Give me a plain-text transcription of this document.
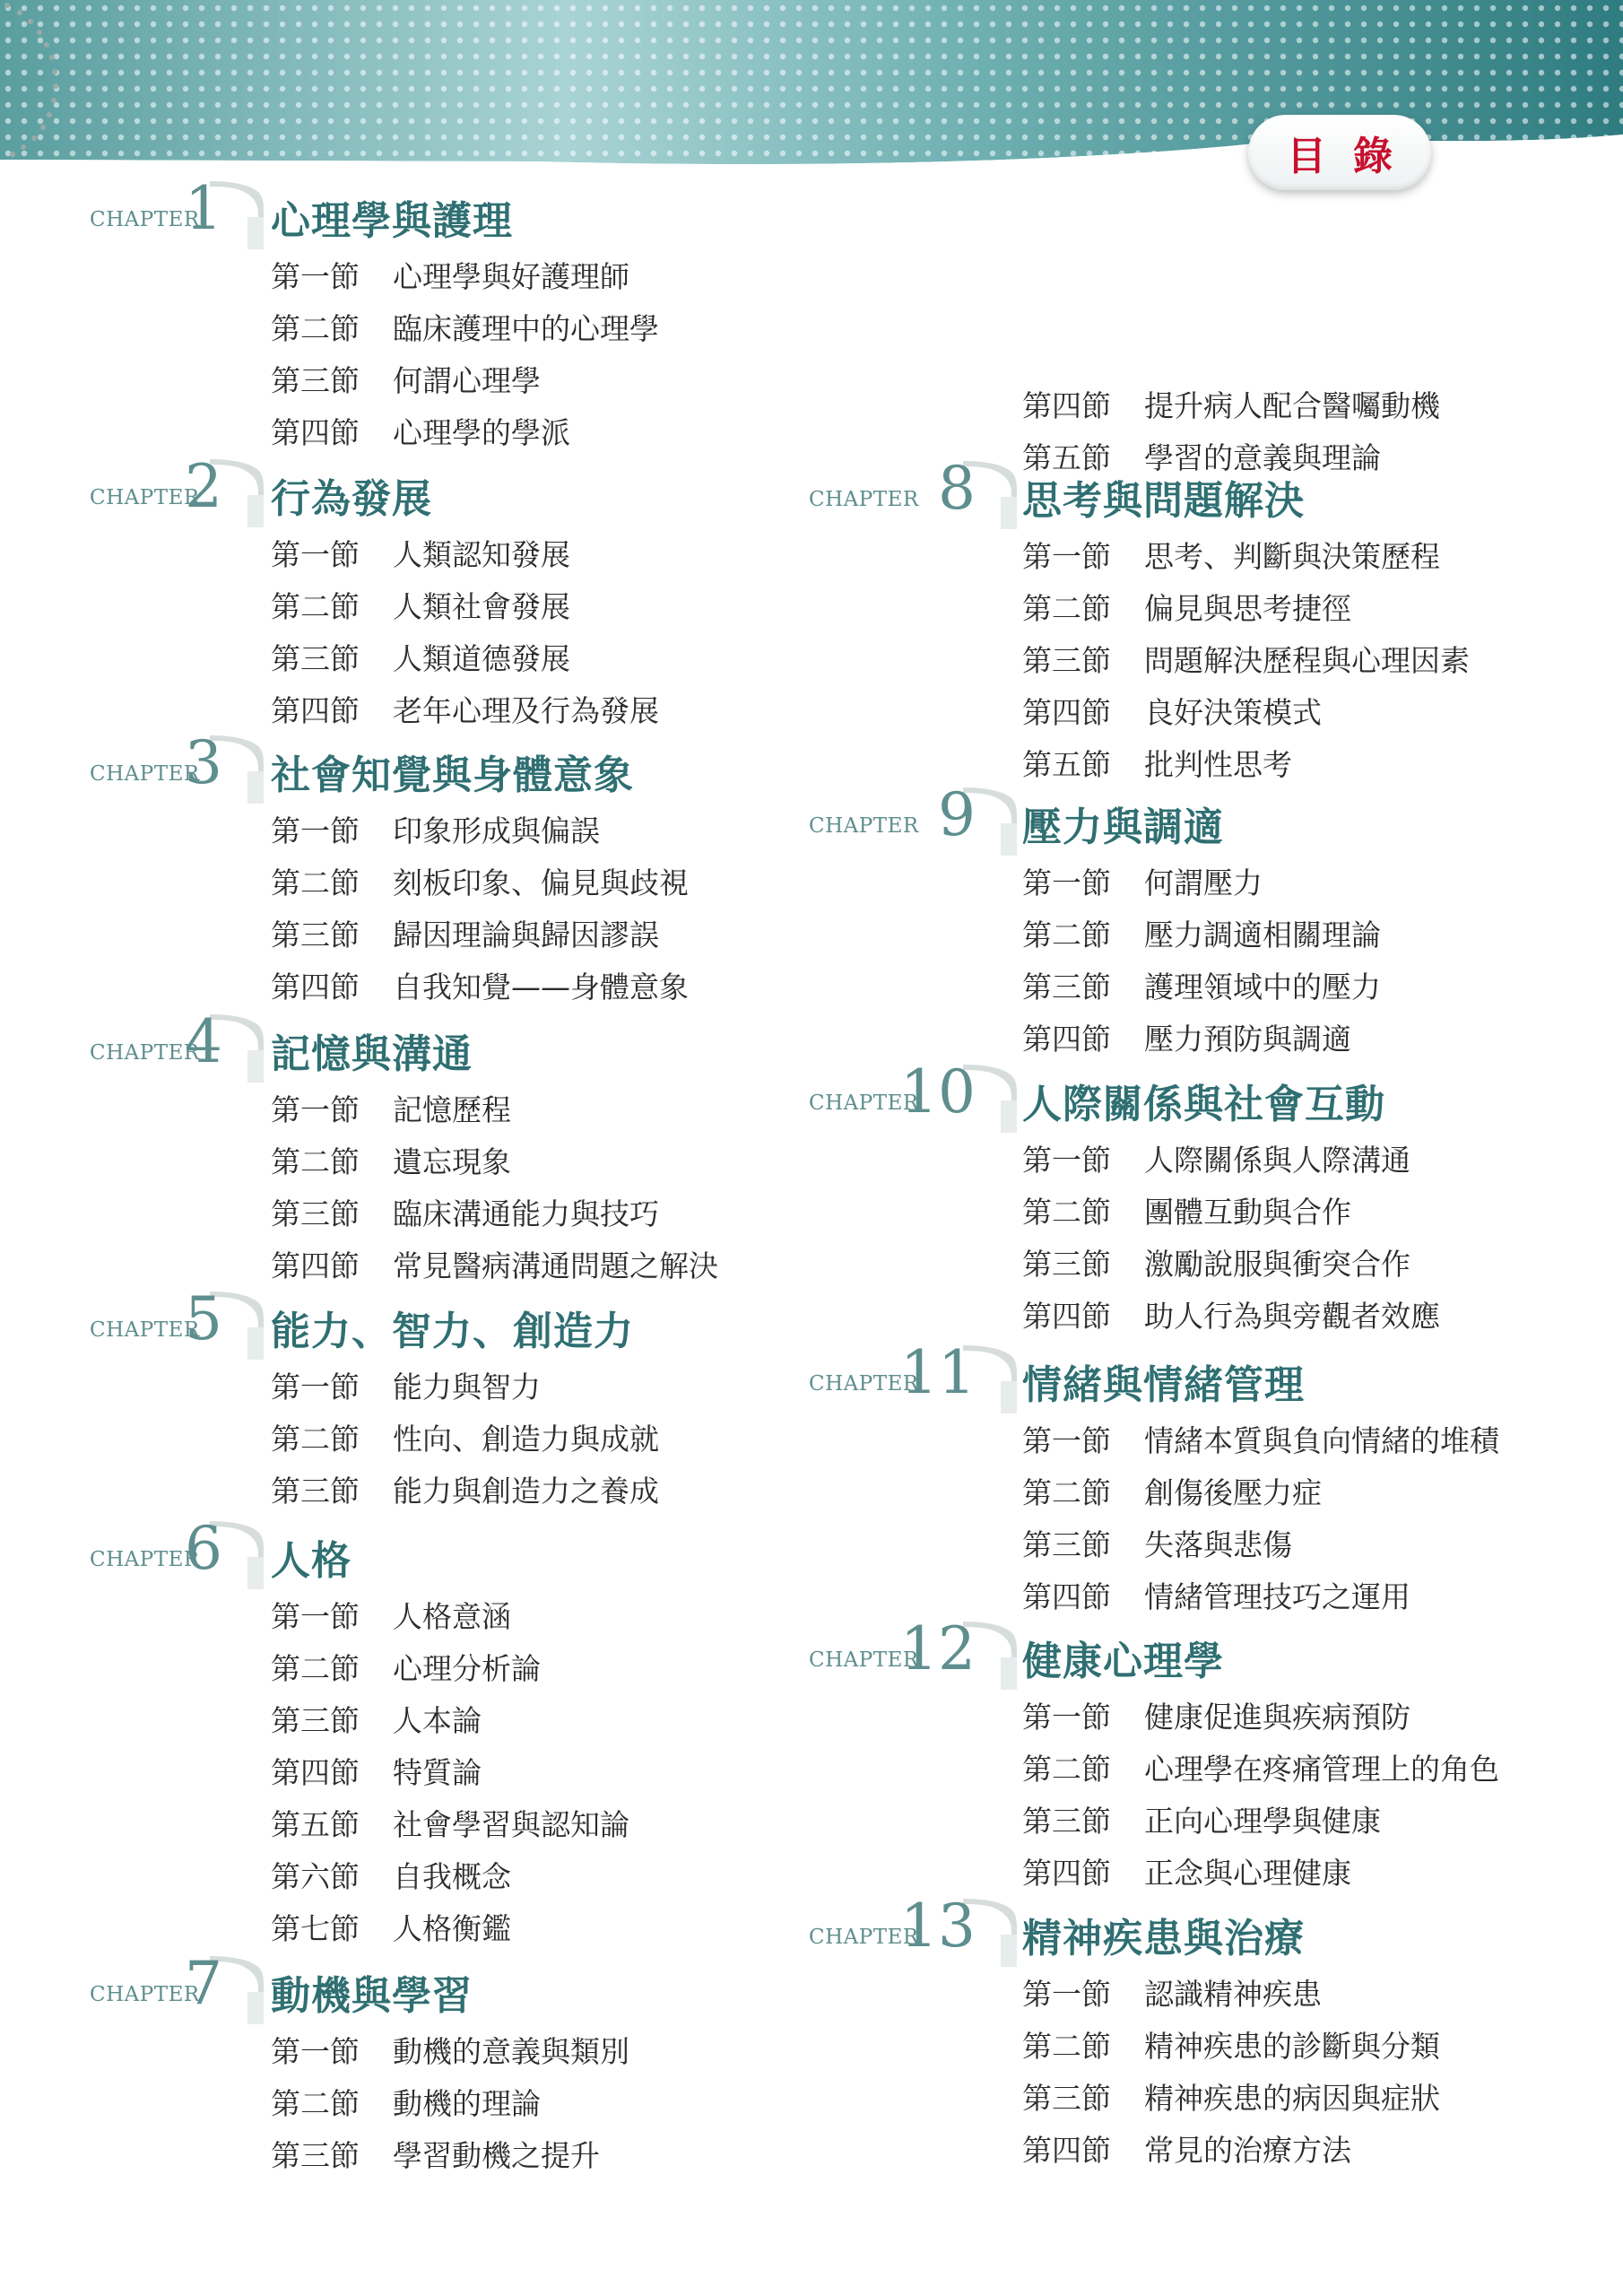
目錄
CHAPTER
1 心理學與護理
第一節 心理學與好護理師
第二節 臨床護理中的心理學
第三節 何謂心理學
第四節 心理學的學派
CHAPTER
2 行為發展
第一節 人類認知發展
第二節 人類社會發展
第三節 人類道德發展
第四節 老年心理及行為發展
CHAPTER
3 社會知覺與身體意象
第一節 印象形成與偏誤
第二節 刻板印象、偏見與歧視
第三節 歸因理論與歸因謬誤
第四節 自我知覺——身體意象
CHAPTER
4 記憶與溝通
第一節 記憶歷程
第二節 遺忘現象
第三節 臨床溝通能力與技巧
第四節 常見醫病溝通問題之解決
CHAPTER
5 能力、智力、創造力
第一節 能力與智力
第二節 性向、創造力與成就
第三節 能力與創造力之養成
CHAPTER
6 人格
第一節 人格意涵
第二節 心理分析論
第三節 人本論
第四節 特質論
第五節 社會學習與認知論
第六節 自我概念
第七節 人格衡鑑
CHAPTER
7 動機與學習
第一節 動機的意義與類別
第二節 動機的理論
第三節 學習動機之提升
第四節 提升病人配合醫囑動機
第五節 學習的意義與理論
CHAPTER 8 思考與問題解決
第一節 思考、判斷與決策歷程
第二節 偏見與思考捷徑
第三節 問題解決歷程與心理因素
第四節 良好決策模式
第五節 批判性思考
CHAPTER 9 壓力與調適
第一節 何謂壓力
第二節 壓力調適相關理論
第三節 護理領域中的壓力
第四節 壓力預防與調適
CHAPTER
10 人際關係與社會互動
第一節 人際關係與人際溝通
第二節 團體互動與合作
第三節 激勵說服與衝突合作
第四節 助人行為與旁觀者效應
CHAPTER
11 情緒與情緒管理
第一節 情緒本質與負向情緒的堆積
第二節 創傷後壓力症
第三節 失落與悲傷
第四節 情緒管理技巧之運用
CHAPTER
12 健康心理學
第一節 健康促進與疾病預防
第二節 心理學在疼痛管理上的角色
第三節 正向心理學與健康
第四節 正念與心理健康
CHAPTER
13 精神疾患與治療
第一節 認識精神疾患
第二節 精神疾患的診斷與分類
第三節 精神疾患的病因與症狀
第四節 常見的治療方法
